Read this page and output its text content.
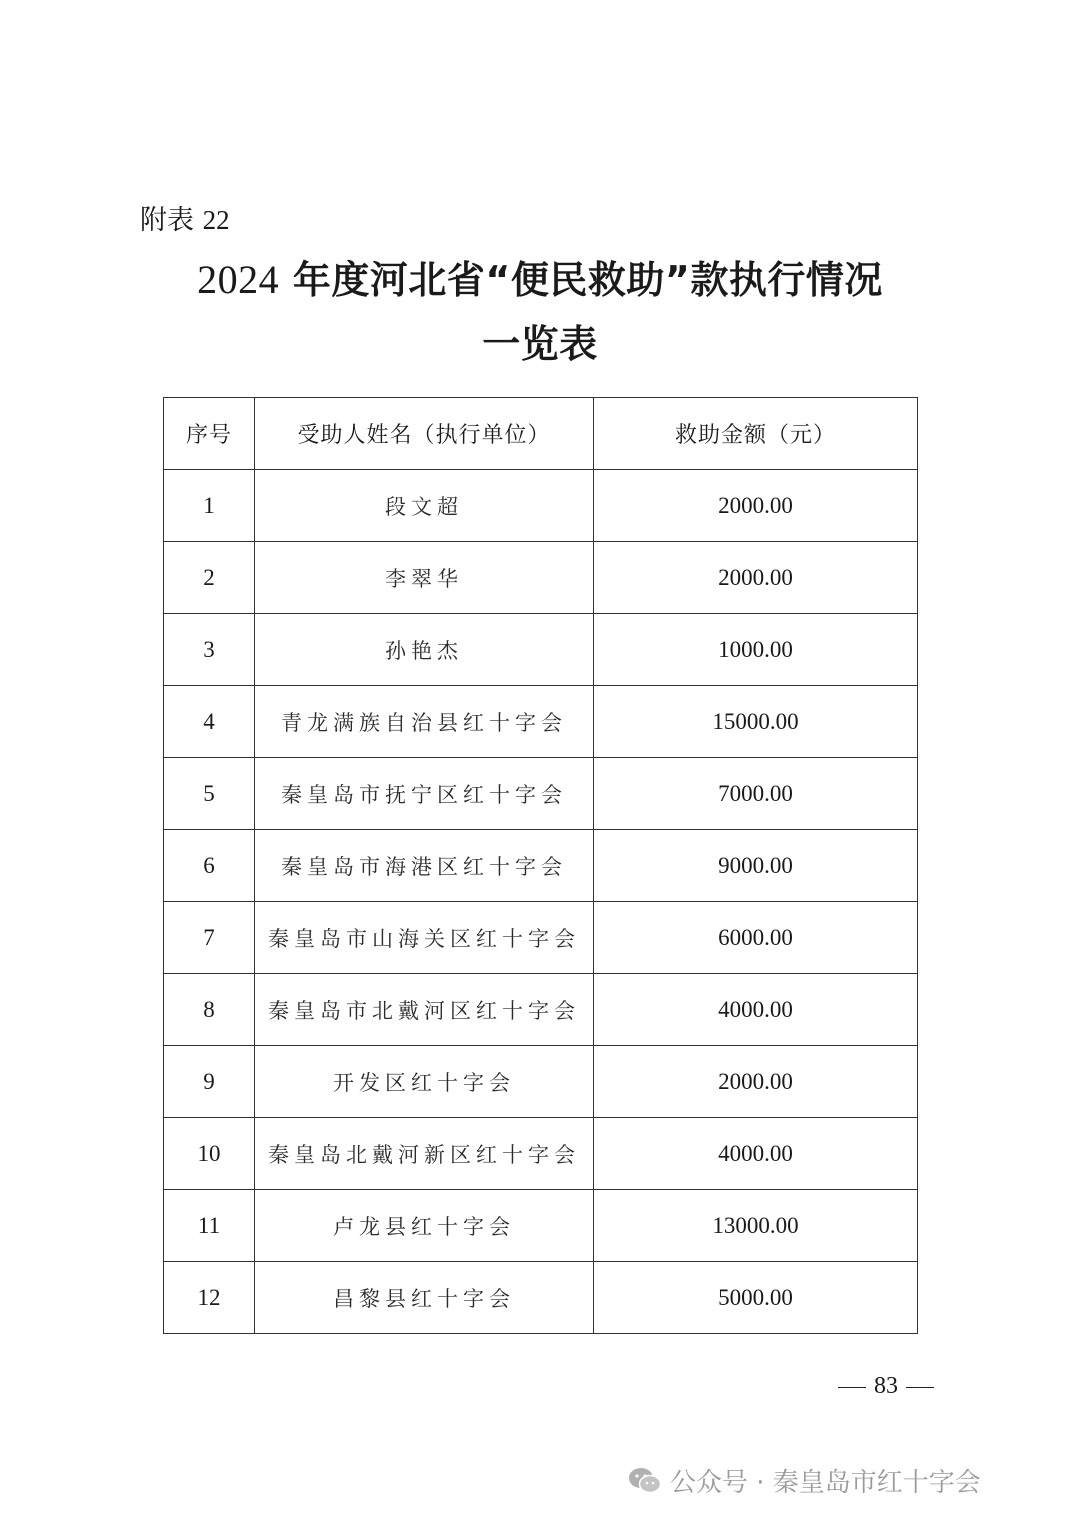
附表 22
2024 年度河北省“便民救助”款执行情况
一览表
序号	受助人姓名（执行单位）	救助金额（元）
1	段文超	2000.00
2	李翠华	2000.00
3	孙艳杰	1000.00
4	青龙满族自治县红十字会	15000.00
5	秦皇岛市抚宁区红十字会	7000.00
6	秦皇岛市海港区红十字会	9000.00
7	秦皇岛市山海关区红十字会	6000.00
8	秦皇岛市北戴河区红十字会	4000.00
9	开发区红十字会	2000.00
10	秦皇岛北戴河新区红十字会	4000.00
11	卢龙县红十字会	13000.00
12	昌黎县红十字会	5000.00
83
公众号 · 秦皇岛市红十字会
